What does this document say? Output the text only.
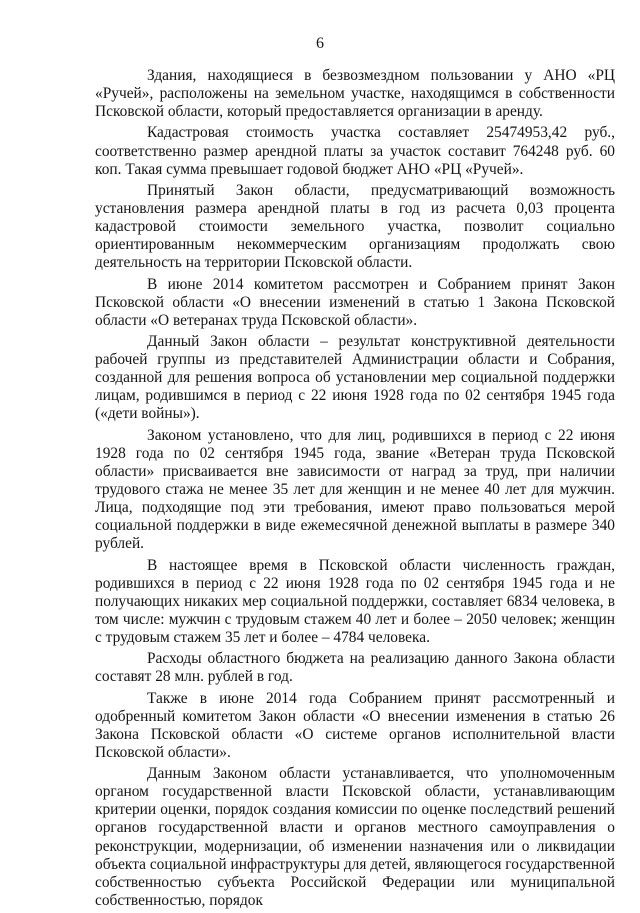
6

Здания, находящиеся в безвозмездном пользовании у АНО «РЦ «Ручей», расположены на земельном участке, находящимся в собственности Псковской области, который предоставляется организации в аренду.

Кадастровая стоимость участка составляет 25474953,42 руб., соответственно размер арендной платы за участок составит 764248 руб. 60 коп. Такая сумма превышает годовой бюджет АНО «РЦ «Ручей».

Принятый Закон области, предусматривающий возможность установления размера арендной платы в год из расчета 0,03 процента кадастровой стоимости земельного участка, позволит социально ориентированным некоммерческим организациям продолжать свою деятельность на территории Псковской области.

В июне 2014 комитетом рассмотрен и Собранием принят Закон Псковской области «О внесении изменений в статью 1 Закона Псковской области «О ветеранах труда Псковской области».

Данный Закон области – результат конструктивной деятельности рабочей группы из представителей Администрации области и Собрания, созданной для решения вопроса об установлении мер социальной поддержки лицам, родившимся в период с 22 июня 1928 года по 02 сентября 1945 года («дети войны»).

Законом установлено, что для лиц, родившихся в период с 22 июня 1928 года по 02 сентября 1945 года, звание «Ветеран труда Псковской области» присваивается вне зависимости от наград за труд, при наличии трудового стажа не менее 35 лет для женщин и не менее 40 лет для мужчин. Лица, подходящие под эти требования, имеют право пользоваться мерой социальной поддержки в виде ежемесячной денежной выплаты в размере 340 рублей.

В настоящее время в Псковской области численность граждан, родившихся в период с 22 июня 1928 года по 02 сентября 1945 года и не получающих никаких мер социальной поддержки, составляет 6834 человека, в том числе: мужчин с трудовым стажем 40 лет и более – 2050 человек; женщин с трудовым стажем 35 лет и более – 4784 человека.

Расходы областного бюджета на реализацию данного Закона области составят 28 млн. рублей в год.

Также в июне 2014 года Собранием принят рассмотренный и одобренный комитетом Закон области «О внесении изменения в статью 26 Закона Псковской области «О системе органов исполнительной власти Псковской области».

Данным Законом области устанавливается, что уполномоченным органом государственной власти Псковской области, устанавливающим критерии оценки, порядок создания комиссии по оценке последствий решений органов государственной власти и органов местного самоуправления о реконструкции, модернизации, об изменении назначения или о ликвидации объекта социальной инфраструктуры для детей, являющегося государственной собственностью субъекта Российской Федерации или муниципальной собственностью, порядок
